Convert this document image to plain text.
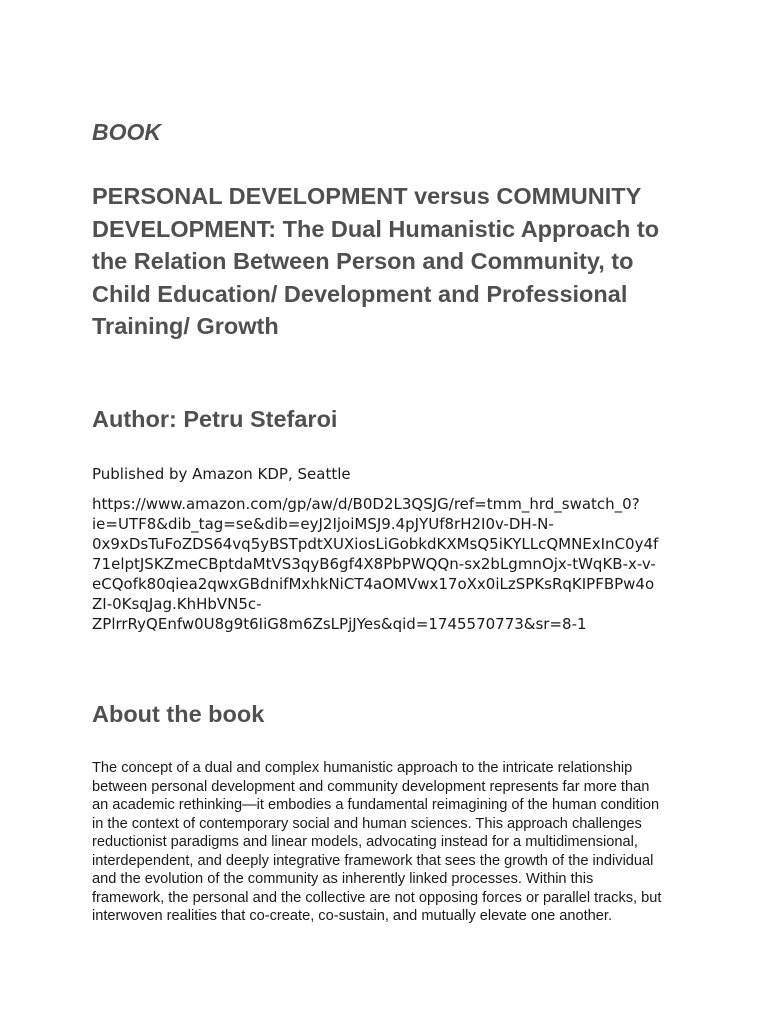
BOOK
PERSONAL DEVELOPMENT versus COMMUNITY DEVELOPMENT: The Dual Humanistic Approach to the Relation Between Person and Community, to Child Education/ Development and Professional Training/ Growth
Author: Petru Stefaroi

Published by Amazon KDP, Seattle

https://www.amazon.com/gp/aw/d/B0D2L3QSJG/ref=tmm_hrd_swatch_0?
ie=UTF8&dib_tag=se&dib=eyJ2IjoiMSJ9.4pJYUf8rH2I0v-DH-N-
0x9xDsTuFoZDS64vq5yBSTpdtXUXiosLiGobkdKXMsQ5iKYLLcQMNExInC0y4f
71elptJSKZmeCBptdaMtVS3qyB6gf4X8PbPWQQn-sx2bLgmnOjx-tWqKB-x-v-
eCQofk80qiea2qwxGBdnifMxhkNiCT4aOMVwx17oXx0iLzSPKsRqKIPFBPw4o
ZI-0KsqJag.KhHbVN5c-
ZPlrrRyQEnfw0U8g9t6IiG8m6ZsLPjJYes&qid=1745570773&sr=8-1

About the book

The concept of a dual and complex humanistic approach to the intricate relationship
between personal development and community development represents far more than
an academic rethinking—it embodies a fundamental reimagining of the human condition
in the context of contemporary social and human sciences. This approach challenges
reductionist paradigms and linear models, advocating instead for a multidimensional,
interdependent, and deeply integrative framework that sees the growth of the individual
and the evolution of the community as inherently linked processes. Within this
framework, the personal and the collective are not opposing forces or parallel tracks, but
interwoven realities that co-create, co-sustain, and mutually elevate one another.
